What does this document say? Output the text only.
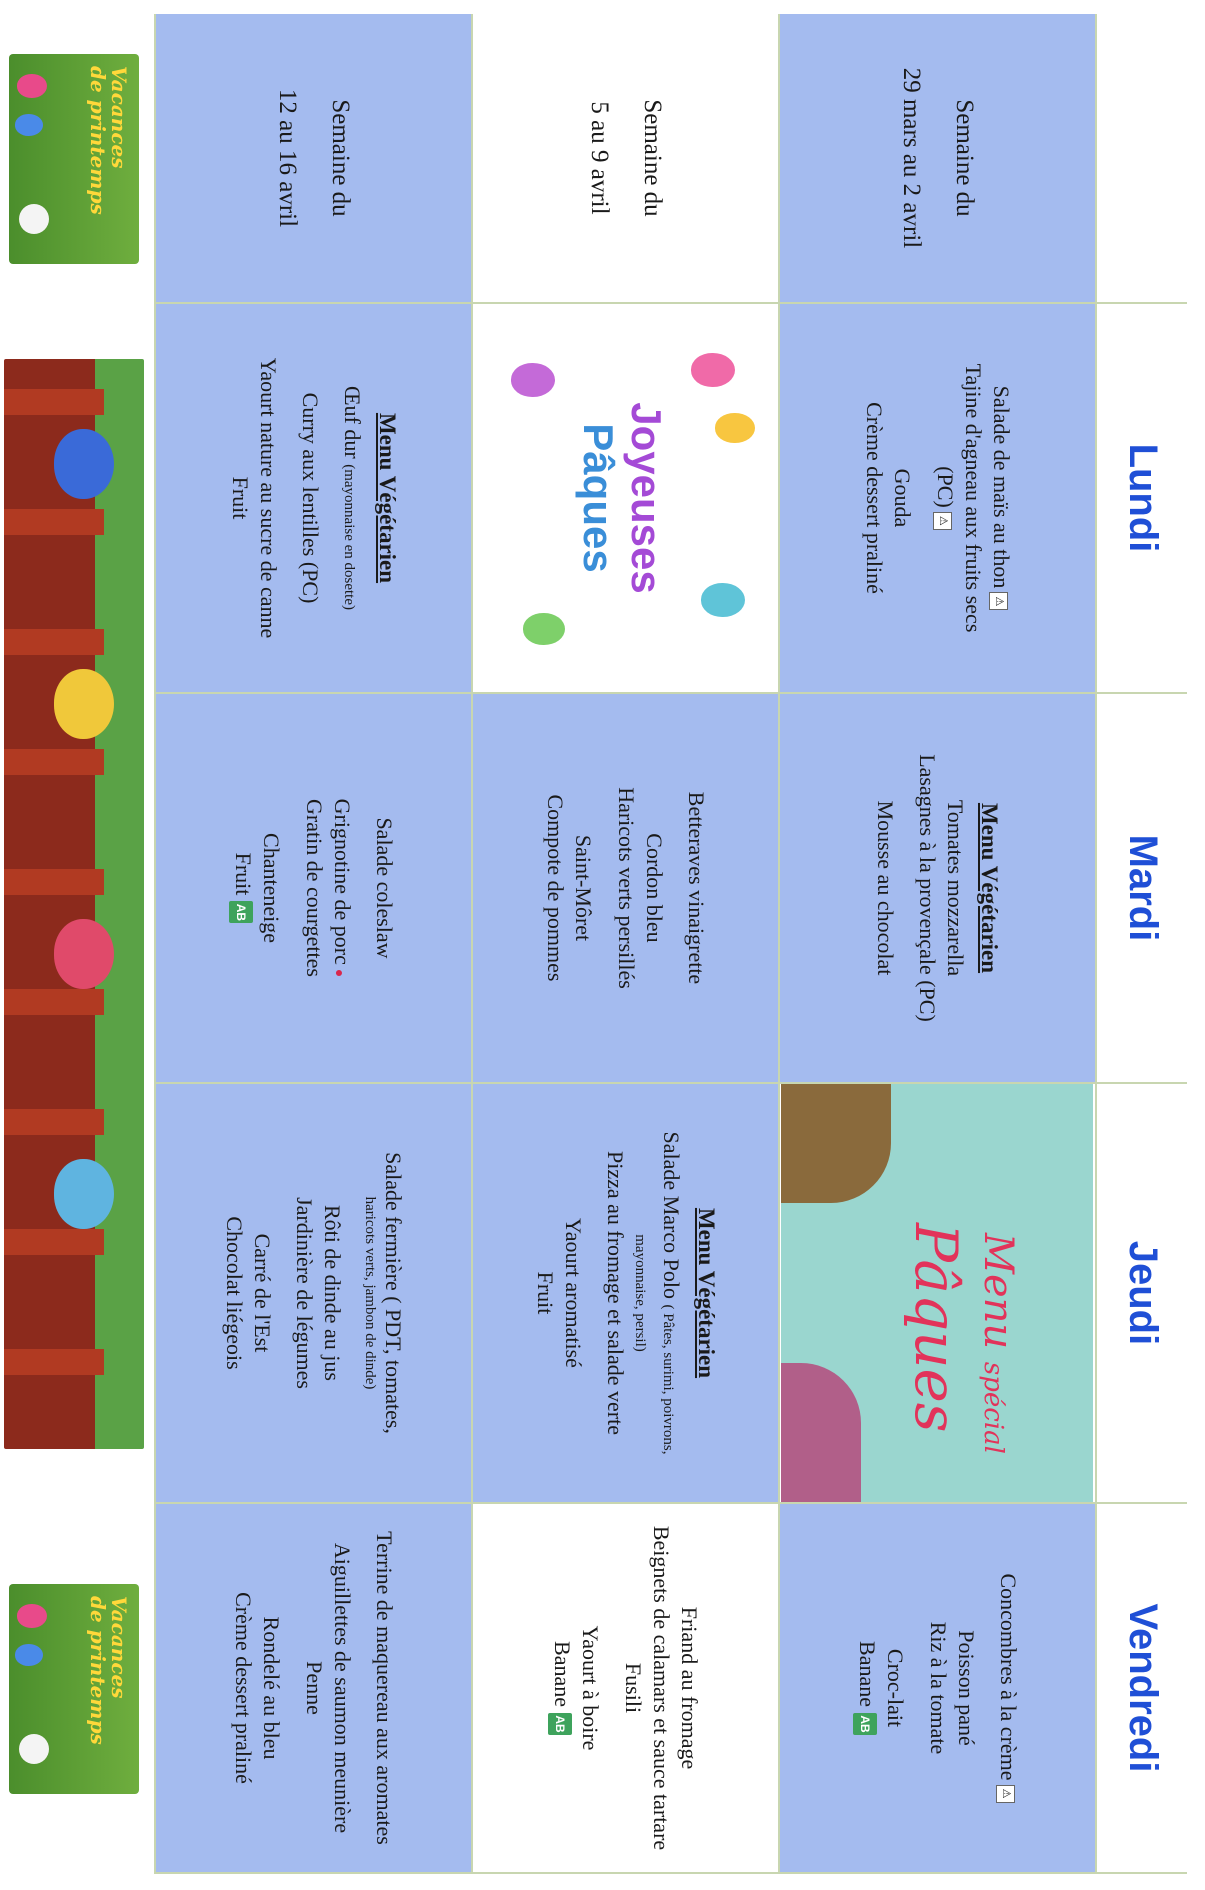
Lundi
Mardi
Jeudi
Vendredi
Semaine du
29 mars au 2 avril
Salade de maïs au thon⚠
Tajine d'agneau aux fruits secs
(PC)⚠
Gouda
Crème dessert praliné
Menu Végétarien
Tomates mozzarella
Lasagnes à la provençale (PC)
Mousse au chocolat
Menu spécial
Pâques
Concombres à la crème⚠
Poisson pané
Riz à la tomate
Croc-lait
BananeAB
Semaine du
5 au 9 avril
Joyeuses
Pâques
Betteraves vinaigrette
Cordon bleu
Haricots verts persillés
Saint-Môret
Compote de pommes
Menu Végétarien
Salade Marco Polo ( Pâtes, surimi, poivrons, mayonnaise, persil)
Pizza au fromage et salade verte
Yaourt aromatisé
Fruit
Friand au fromage
Beignets de calamars et sauce tartare
Fusili
Yaourt à boire
BananeAB
Semaine du
12 au 16 avril
Menu Végétarien
Œuf dur (mayonnaise en dosette)
Curry aux lentilles (PC)
Yaourt nature au sucre de canne
Fruit
Salade coleslaw
Grignotine de porc●
Gratin de courgettes
Chanteneige
FruitAB
Salade fermière ( PDT, tomates,
haricots verts, jambon de dinde)
Rôti de dinde au jus
Jardinière de légumes
Carré de l'Est
Chocolat liégeois
Terrine de maquereau aux aromates
Aiguillettes de saumon meunière
Penne
Rondelé au bleu
Crème dessert praliné
Vacances
de printemps
Vacances
de printemps
